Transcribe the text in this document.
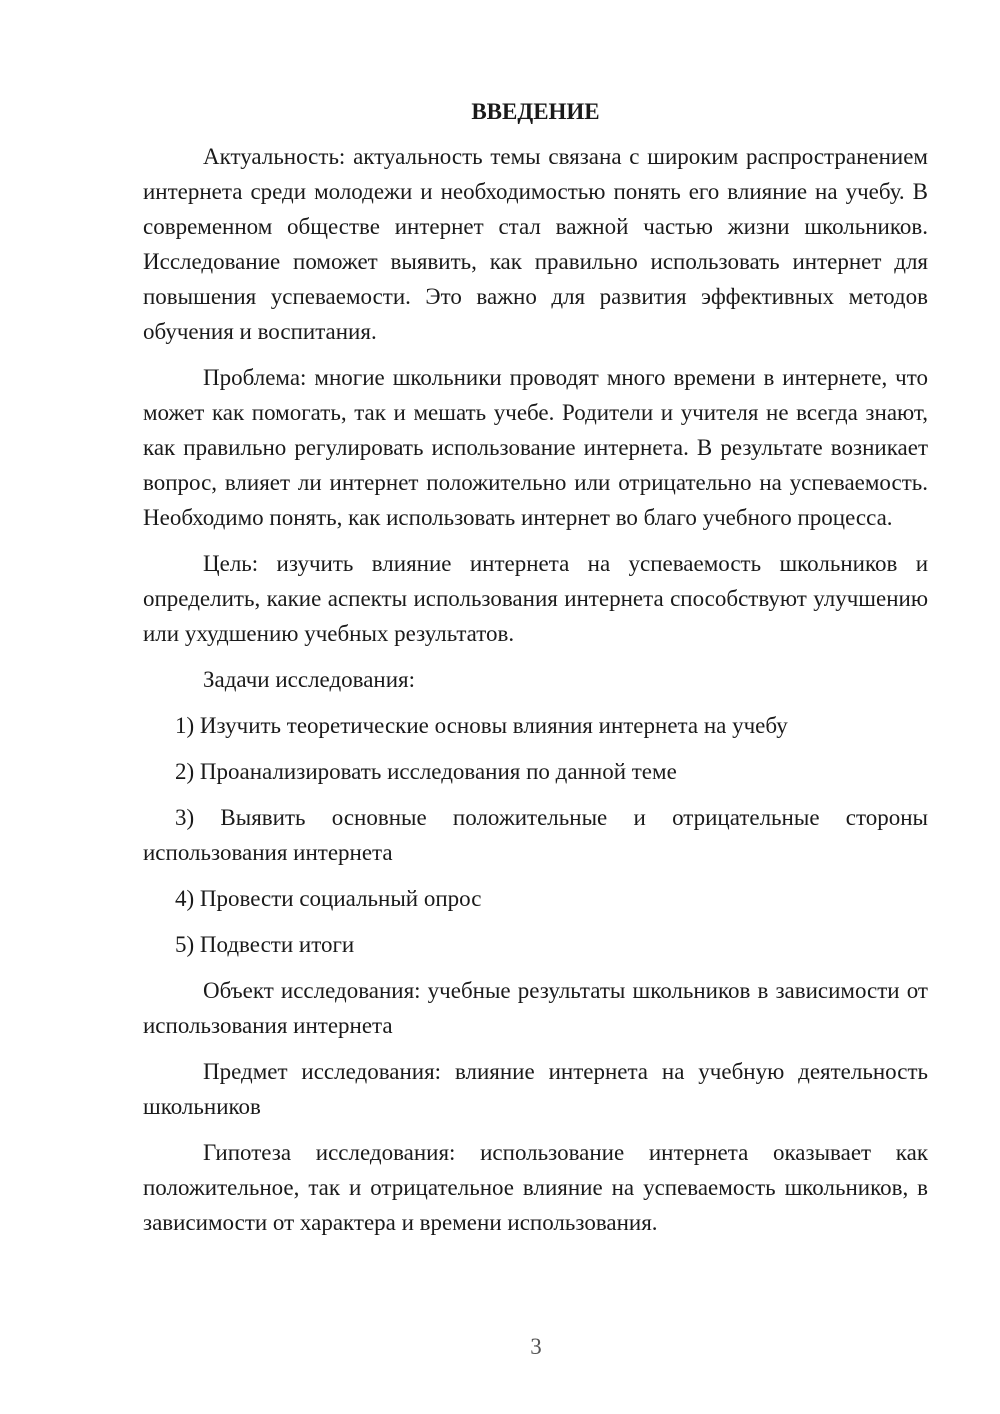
ВВЕДЕНИЕ

Актуальность: актуальность темы связана с широким распространением интернета среди молодежи и необходимостью понять его влияние на учебу. В современном обществе интернет стал важной частью жизни школьников. Исследование поможет выявить, как правильно использовать интернет для повышения успеваемости. Это важно для развития эффективных методов обучения и воспитания.

Проблема: многие школьники проводят много времени в интернете, что может как помогать, так и мешать учебе. Родители и учителя не всегда знают, как правильно регулировать использование интернета. В результате возникает вопрос, влияет ли интернет положительно или отрицательно на успеваемость. Необходимо понять, как использовать интернет во благо учебного процесса.

Цель: изучить влияние интернета на успеваемость школьников и определить, какие аспекты использования интернета способствуют улучшению или ухудшению учебных результатов.

Задачи исследования:

1) Изучить теоретические основы влияния интернета на учебу

2) Проанализировать исследования по данной теме

3) Выявить основные положительные и отрицательные стороны использования интернета

4) Провести социальный опрос

5) Подвести итоги

Объект исследования: учебные результаты школьников в зависимости от использования интернета

Предмет исследования: влияние интернета на учебную деятельность школьников

Гипотеза исследования: использование интернета оказывает как положительное, так и отрицательное влияние на успеваемость школьников, в зависимости от характера и времени использования.

3
